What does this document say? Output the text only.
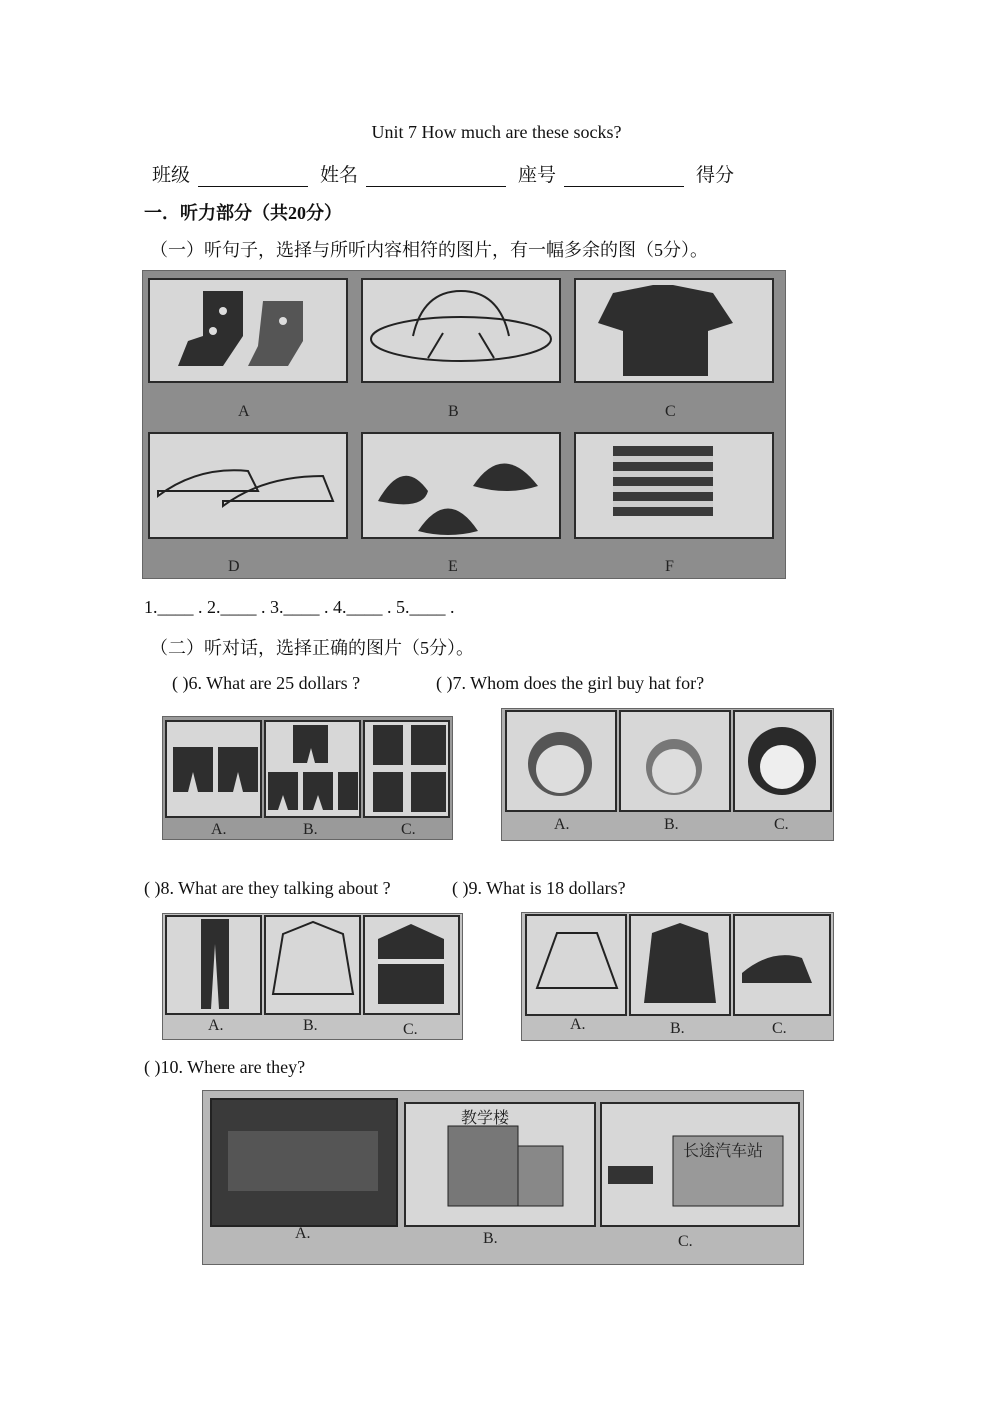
Unit 7 How much are these socks?
班级	姓名	座号	得分
一．听力部分（共20分）
（一）听句子，选择与所听内容相符的图片，有一幅多余的图（5分）。
A	B	C
D	E	F
1.____ . 2.____ . 3.____ . 4.____ . 5.____ .
（二）听对话，选择正确的图片（5分）。
( )6. What are 25 dollars ?	( )7. Whom does the girl buy hat for?
A.	B.	C.	A.	B.	C.
( )8. What are they talking about ?	( )9. What is 18 dollars?
A.	B.	C.	A.	B.	C.
( )10. Where are they?
教学楼
长途汽车站
A.	B.	C.
